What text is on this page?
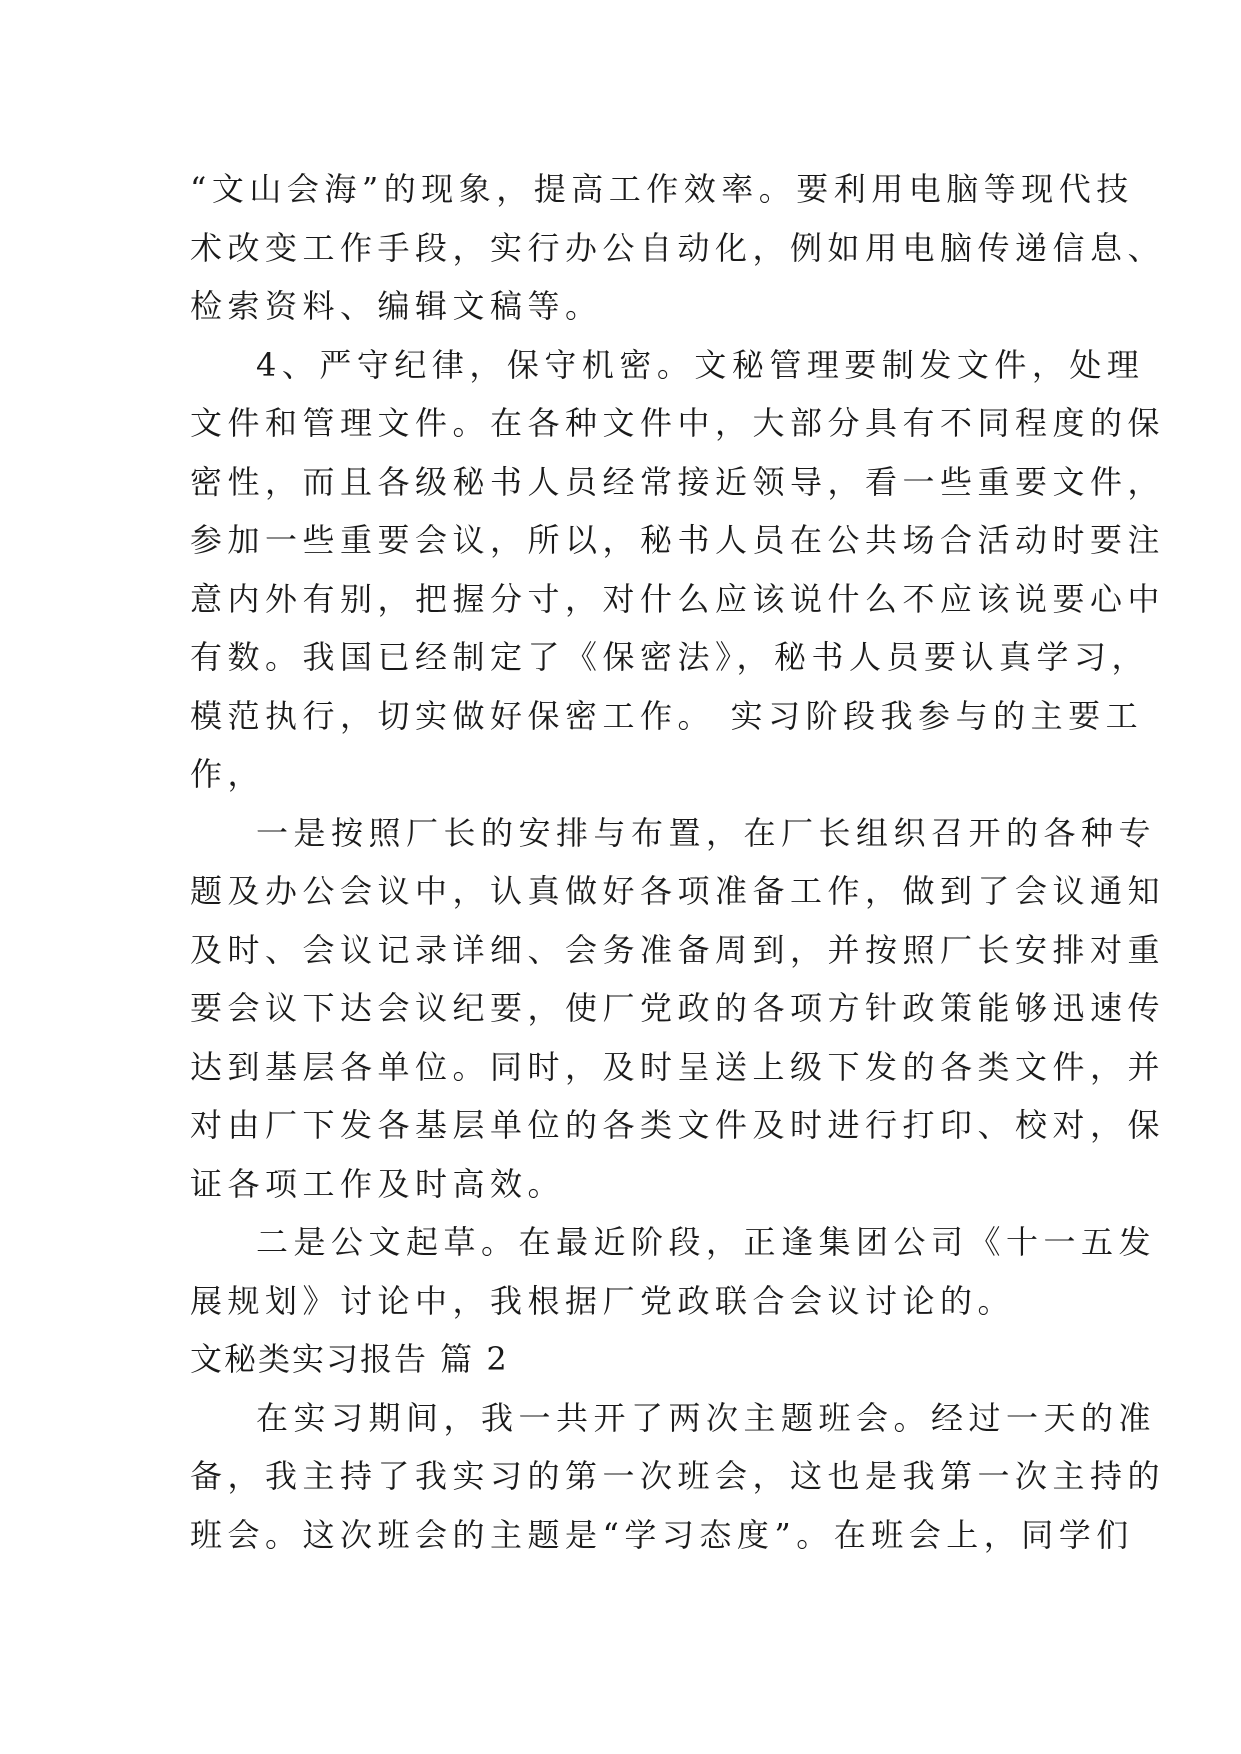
“文山会海”的现象，提高工作效率。要利用电脑等现代技
术改变工作手段，实行办公自动化，例如用电脑传递信息、
检索资料、编辑文稿等。
4、严守纪律，保守机密。文秘管理要制发文件，处理
文件和管理文件。在各种文件中，大部分具有不同程度的保
密性，而且各级秘书人员经常接近领导，看一些重要文件，
参加一些重要会议，所以，秘书人员在公共场合活动时要注
意内外有别，把握分寸，对什么应该说什么不应该说要心中
有数。我国已经制定了《保密法》，秘书人员要认真学习，
模范执行，切实做好保密工作。 实习阶段我参与的主要工
作，
一是按照厂长的安排与布置，在厂长组织召开的各种专
题及办公会议中，认真做好各项准备工作，做到了会议通知
及时、会议记录详细、会务准备周到，并按照厂长安排对重
要会议下达会议纪要，使厂党政的各项方针政策能够迅速传
达到基层各单位。同时，及时呈送上级下发的各类文件，并
对由厂下发各基层单位的各类文件及时进行打印、校对，保
证各项工作及时高效。
二是公文起草。在最近阶段，正逢集团公司《十一五发
展规划》讨论中，我根据厂党政联合会议讨论的。
文秘类实习报告 篇 2
在实习期间，我一共开了两次主题班会。经过一天的准
备，我主持了我实习的第一次班会，这也是我第一次主持的
班会。这次班会的主题是“学习态度”。在班会上，同学们
